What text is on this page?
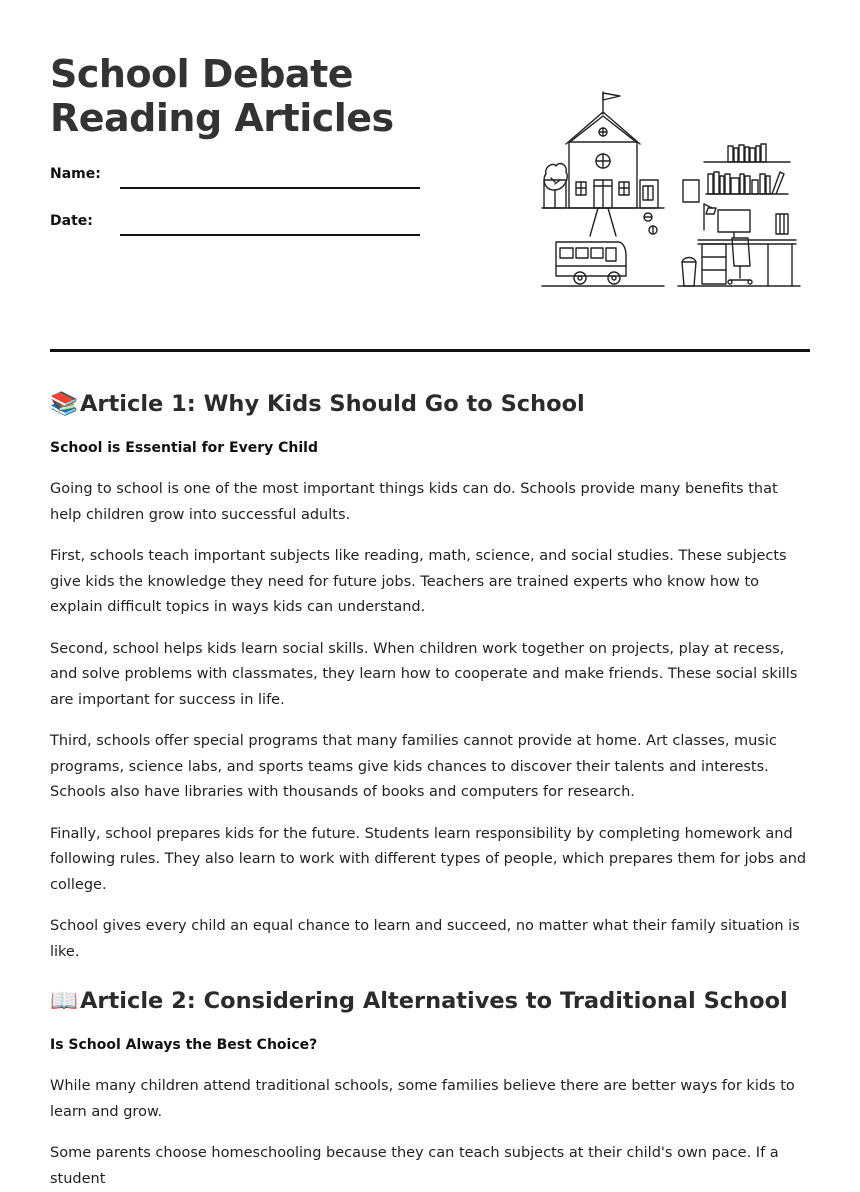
School Debate Reading Articles
Name:
Date:
📚Article 1: Why Kids Should Go to School

School is Essential for Every Child

Going to school is one of the most important things kids can do. Schools provide many benefits that help children grow into successful adults.

First, schools teach important subjects like reading, math, science, and social studies. These subjects give kids the knowledge they need for future jobs. Teachers are trained experts who know how to explain difficult topics in ways kids can understand.

Second, school helps kids learn social skills. When children work together on projects, play at recess, and solve problems with classmates, they learn how to cooperate and make friends. These social skills are important for success in life.

Third, schools offer special programs that many families cannot provide at home. Art classes, music programs, science labs, and sports teams give kids chances to discover their talents and interests. Schools also have libraries with thousands of books and computers for research.

Finally, school prepares kids for the future. Students learn responsibility by completing homework and following rules. They also learn to work with different types of people, which prepares them for jobs and college.

School gives every child an equal chance to learn and succeed, no matter what their family situation is like.

📖Article 2: Considering Alternatives to Traditional School

Is School Always the Best Choice?

While many children attend traditional schools, some families believe there are better ways for kids to learn and grow.

Some parents choose homeschooling because they can teach subjects at their child's own pace. If a student
